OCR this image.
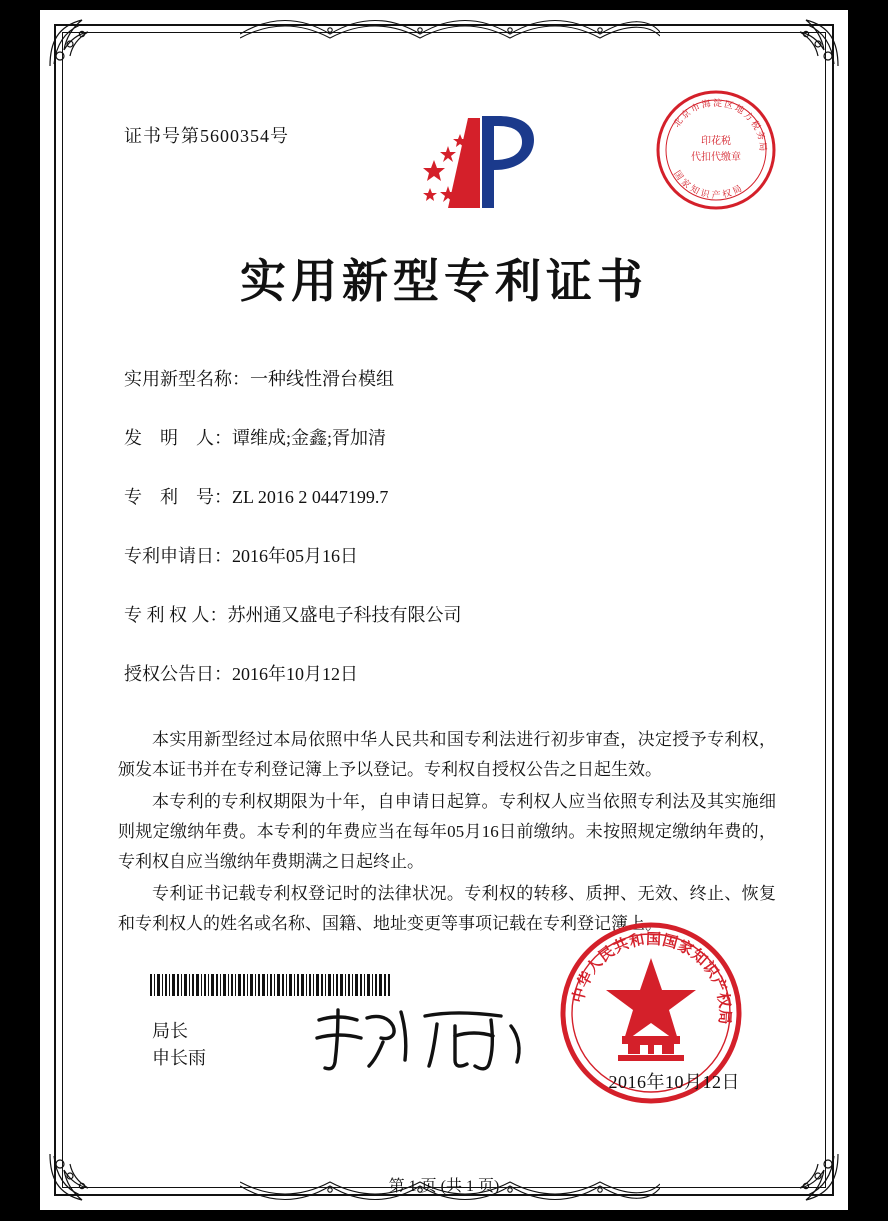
证书号第5600354号
北
京
市
海 淀 区
地
方
税
务
局
国
家
知
识 产 权
局
印花税
代扣代缴章
实用新型专利证书
实用新型名称：一种线性滑台模组
发　明　人：谭维成;金鑫;胥加清
专　利　号：ZL 2016 2 0447199.7
专利申请日：2016年05月16日
专 利 权 人：苏州通又盛电子科技有限公司
授权公告日：2016年10月12日

本实用新型经过本局依照中华人民共和国专利法进行初步审查，决定授予专利权，颁发本证书并在专利登记簿上予以登记。专利权自授权公告之日起生效。

本专利的专利权期限为十年，自申请日起算。专利权人应当依照专利法及其实施细则规定缴纳年费。本专利的年费应当在每年05月16日前缴纳。未按照规定缴纳年费的，专利权自应当缴纳年费期满之日起终止。

专利证书记载专利权登记时的法律状况。专利权的转移、质押、无效、终止、恢复和专利权人的姓名或名称、国籍、地址变更等事项记载在专利登记簿上。

局长
申长雨
中
华
人
民
共
和 国 国
家
知
识
产
权
局
2016年10月12日
第 1 页 (共 1 页)
